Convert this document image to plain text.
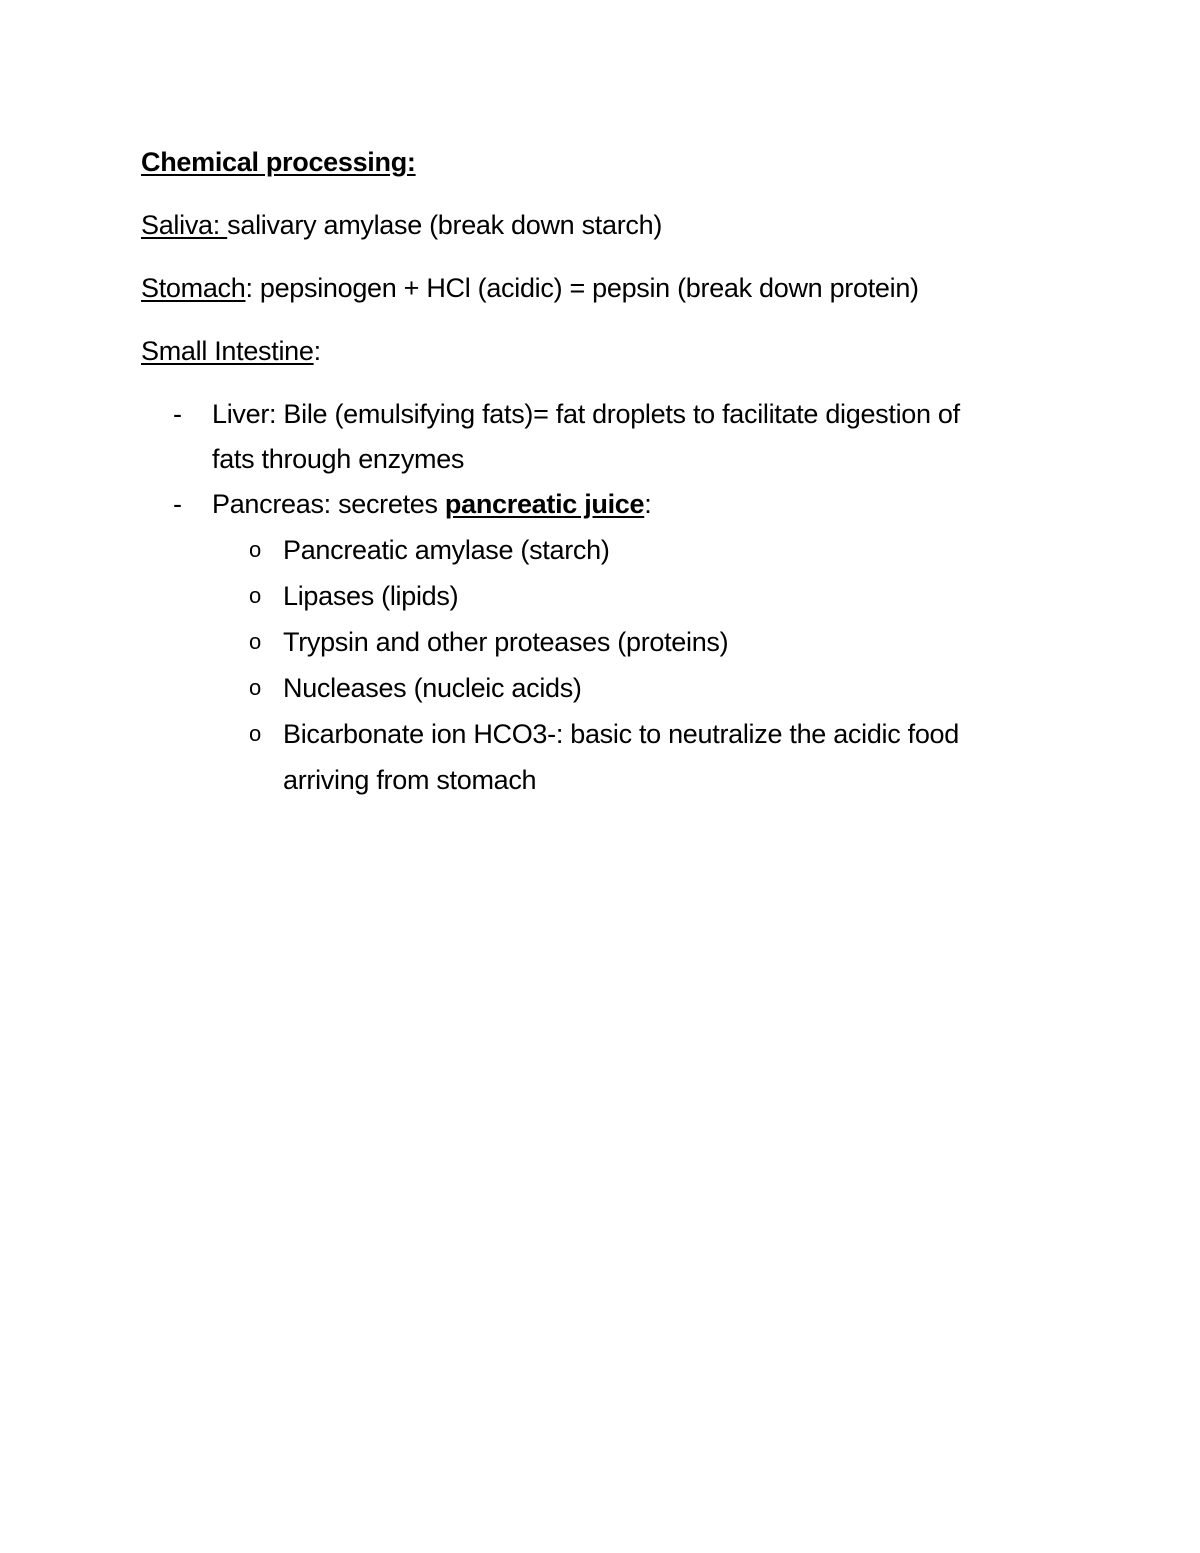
Chemical processing:

Saliva: salivary amylase (break down starch)

Stomach: pepsinogen + HCl (acidic) = pepsin (break down protein)

Small Intestine:

- Liver: Bile (emulsifying fats)= fat droplets to facilitate digestion of
fats through enzymes
- Pancreas: secretes pancreatic juice:
o Pancreatic amylase (starch)
o Lipases (lipids)
o Trypsin and other proteases (proteins)
o Nucleases (nucleic acids)
o Bicarbonate ion HCO3-: basic to neutralize the acidic food
arriving from stomach
